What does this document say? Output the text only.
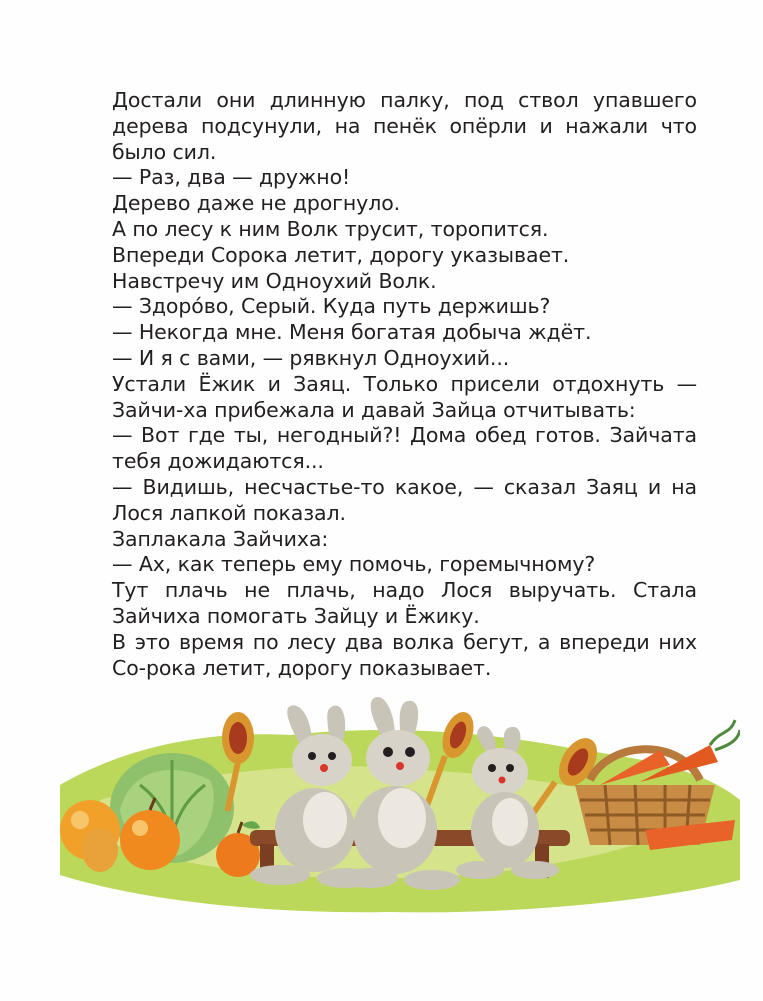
Достали они длинную палку, под ствол упавшего дерева подсунули, на пенёк опёрли и нажали что было сил.

— Раз, два — дружно!

Дерево даже не дрогнуло.

А по лесу к ним Волк трусит, торопится.

Впереди Сорока летит, дорогу указывает.

Навстречу им Одноухий Волк.

— Здоро́во, Серый. Куда путь держишь?

— Некогда мне. Меня богатая добыча ждёт.

— И я с вами, — рявкнул Одноухий...

Устали Ёжик и Заяц. Только присели отдохнуть — Зайчи-ха прибежала и давай Зайца отчитывать:

— Вот где ты, негодный?! Дома обед готов. Зайчата тебя дожидаются...

— Видишь, несчастье-то какое, — сказал Заяц и на Лося лапкой показал.

Заплакала Зайчиха:

— Ах, как теперь ему помочь, горемычному?

Тут плачь не плачь, надо Лося выручать. Стала Зайчиха помогать Зайцу и Ёжику.

В это время по лесу два волка бегут, а впереди них Со-рока летит, дорогу показывает.
